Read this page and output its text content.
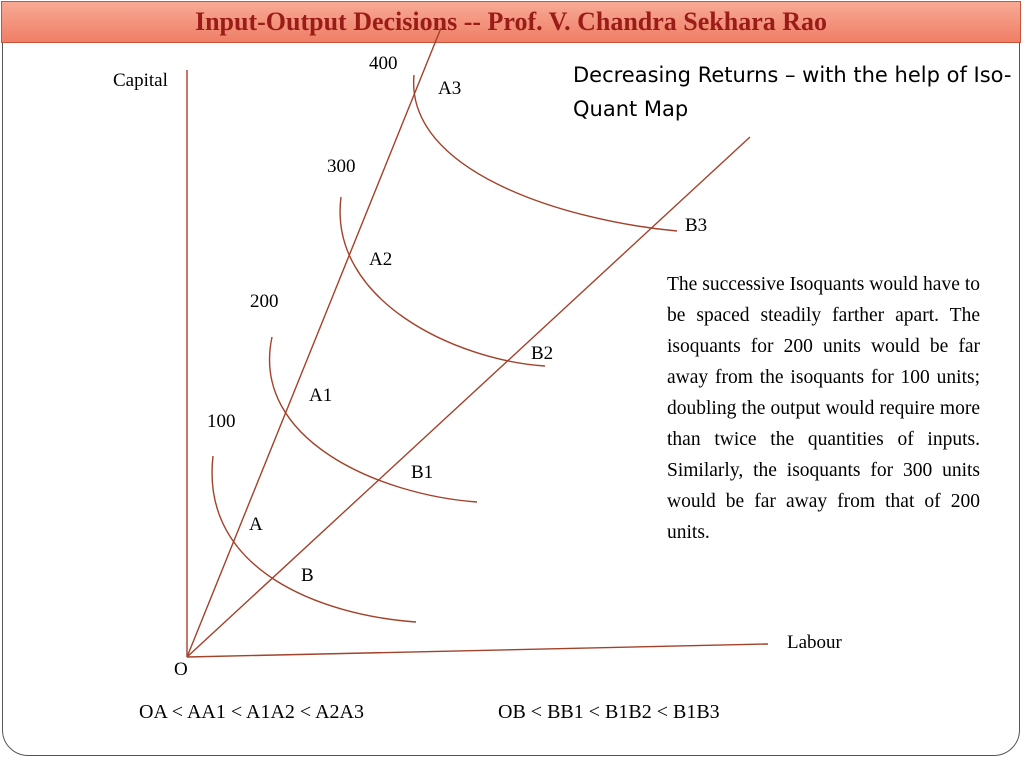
Input-Output Decisions -- Prof. V. Chandra Sekhara Rao
Capital
Labour
O
100
200
300
400
A
A1
A2
A3
B
B1
B2
B3
Decreasing Returns – with the help of Iso-Quant Map
The successive Isoquants would have to be spaced steadily farther apart. The isoquants for 200 units would be far away from the isoquants for 100 units; doubling the output would require more than twice the quantities of inputs. Similarly, the isoquants for 300 units would be far away from that of 200 units.
OA < AA1 < A1A2 < A2A3	OB < BB1 < B1B2 < B1B3
